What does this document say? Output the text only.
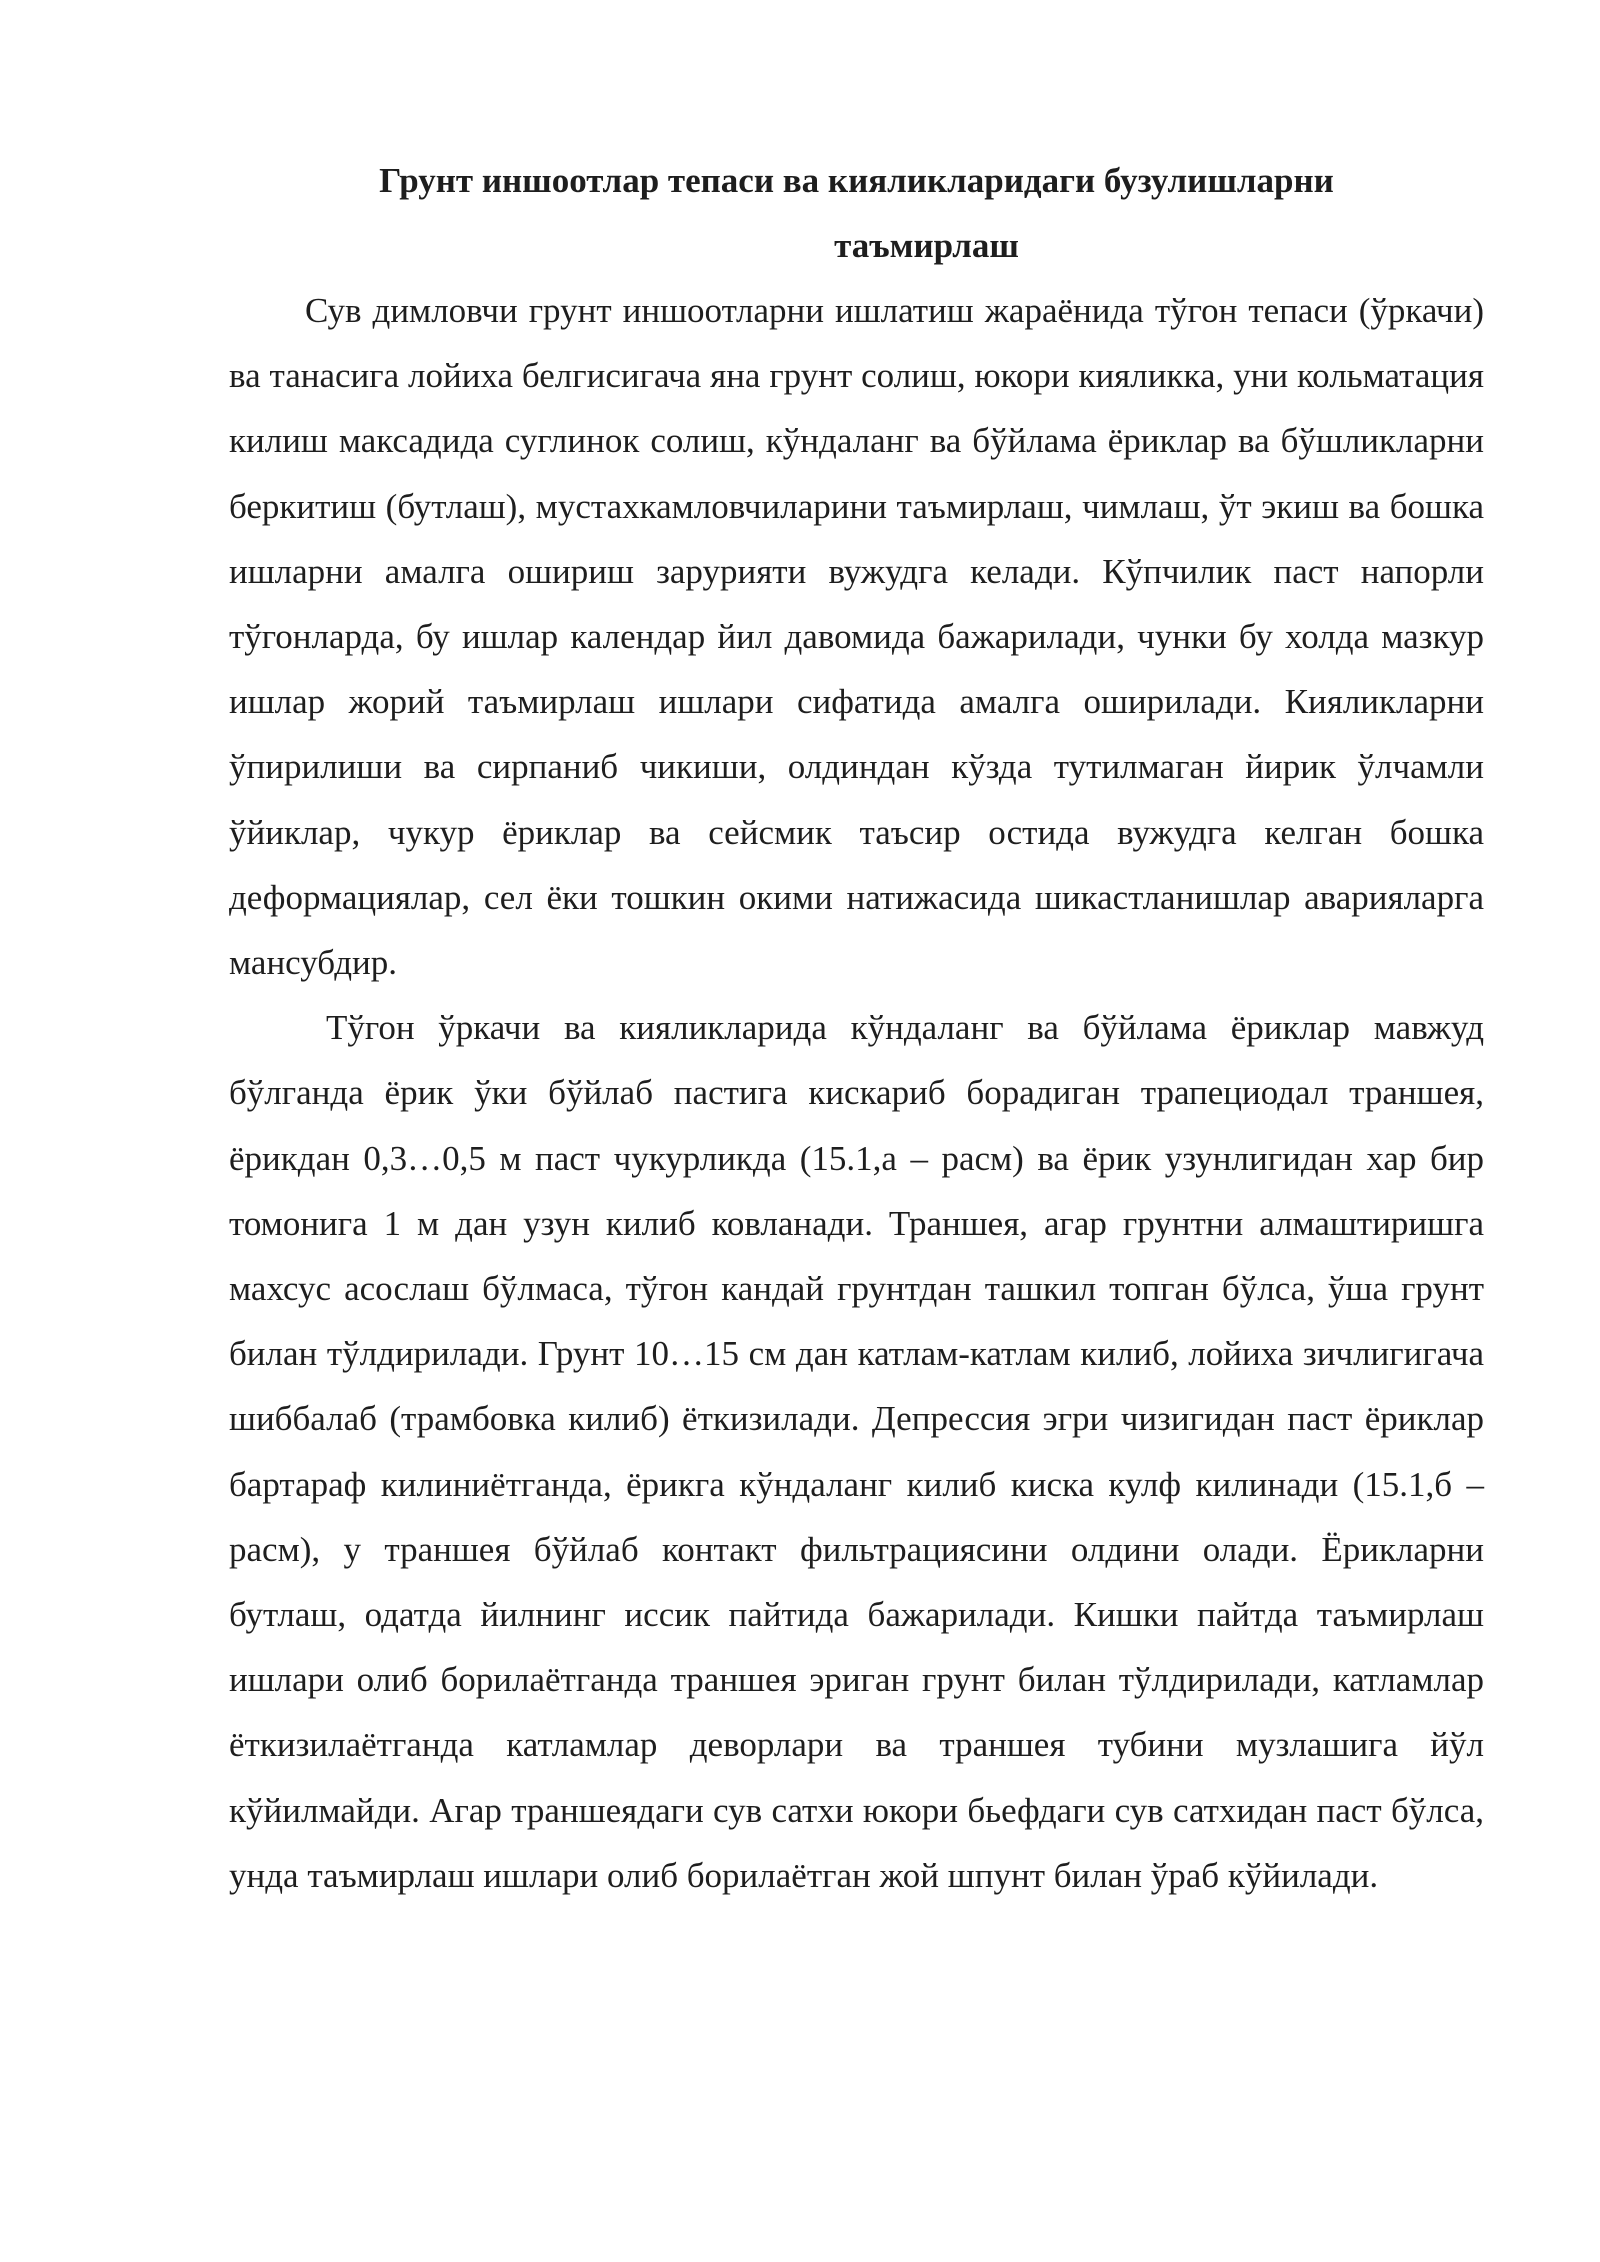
Грунт иншоотлар тепаси ва кияликларидаги бузулишларни
таъмирлаш

Сув димловчи грунт иншоотларни ишлатиш жараёнида тўгон тепаси (ўркачи) ва танасига лойиха белгисигача яна грунт солиш, юкори кияликка, уни кольматация килиш максадида суглинок солиш, кўндаланг ва бўйлама ёриклар ва бўшликларни беркитиш (бутлаш), мустахкамловчиларини таъмирлаш, чимлаш, ўт экиш ва бошка ишларни амалга ошириш зарурияти вужудга келади. Кўпчилик паст напорли тўгонларда, бу ишлар календар йил давомида бажарилади, чунки бу холда мазкур ишлар жорий таъмирлаш ишлари сифатида амалга оширилади. Кияликларни ўпирилиши ва сирпаниб чикиши, олдиндан кўзда тутилмаган йирик ўлчамли ўйиклар, чукур ёриклар ва сейсмик таъсир остида вужудга келган бошка деформациялар, сел ёки тошкин окими натижасида шикастланишлар аварияларга мансубдир.

Тўгон ўркачи ва кияликларида кўндаланг ва бўйлама ёриклар мавжуд бўлганда ёрик ўки бўйлаб пастига кискариб борадиган трапециодал траншея, ёрикдан 0,3…0,5 м паст чукурликда (15.1,а – расм) ва ёрик узунлигидан хар бир томонига 1 м дан узун килиб ковланади. Траншея, агар грунтни алмаштиришга махсус асослаш бўлмаса, тўгон кандай грунтдан ташкил топган бўлса, ўша грунт билан тўлдирилади. Грунт 10…15 см дан катлам-катлам килиб, лойиха зичлигигача шиббалаб (трамбовка килиб) ёткизилади. Депрессия эгри чизигидан паст ёриклар бартараф килиниётганда, ёрикга кўндаланг килиб киска кулф килинади (15.1,б – расм), у траншея бўйлаб контакт фильтрациясини олдини олади. Ёрикларни бутлаш, одатда йилнинг иссик пайтида бажарилади. Кишки пайтда таъмирлаш ишлари олиб борилаётганда траншея эриган грунт билан тўлдирилади, катламлар ёткизилаётганда катламлар деворлари ва траншея тубини музлашига йўл кўйилмайди. Агар траншеядаги сув сатхи юкори бьефдаги сув сатхидан паст бўлса, унда таъмирлаш ишлари олиб борилаётган жой шпунт билан ўраб кўйилади.
